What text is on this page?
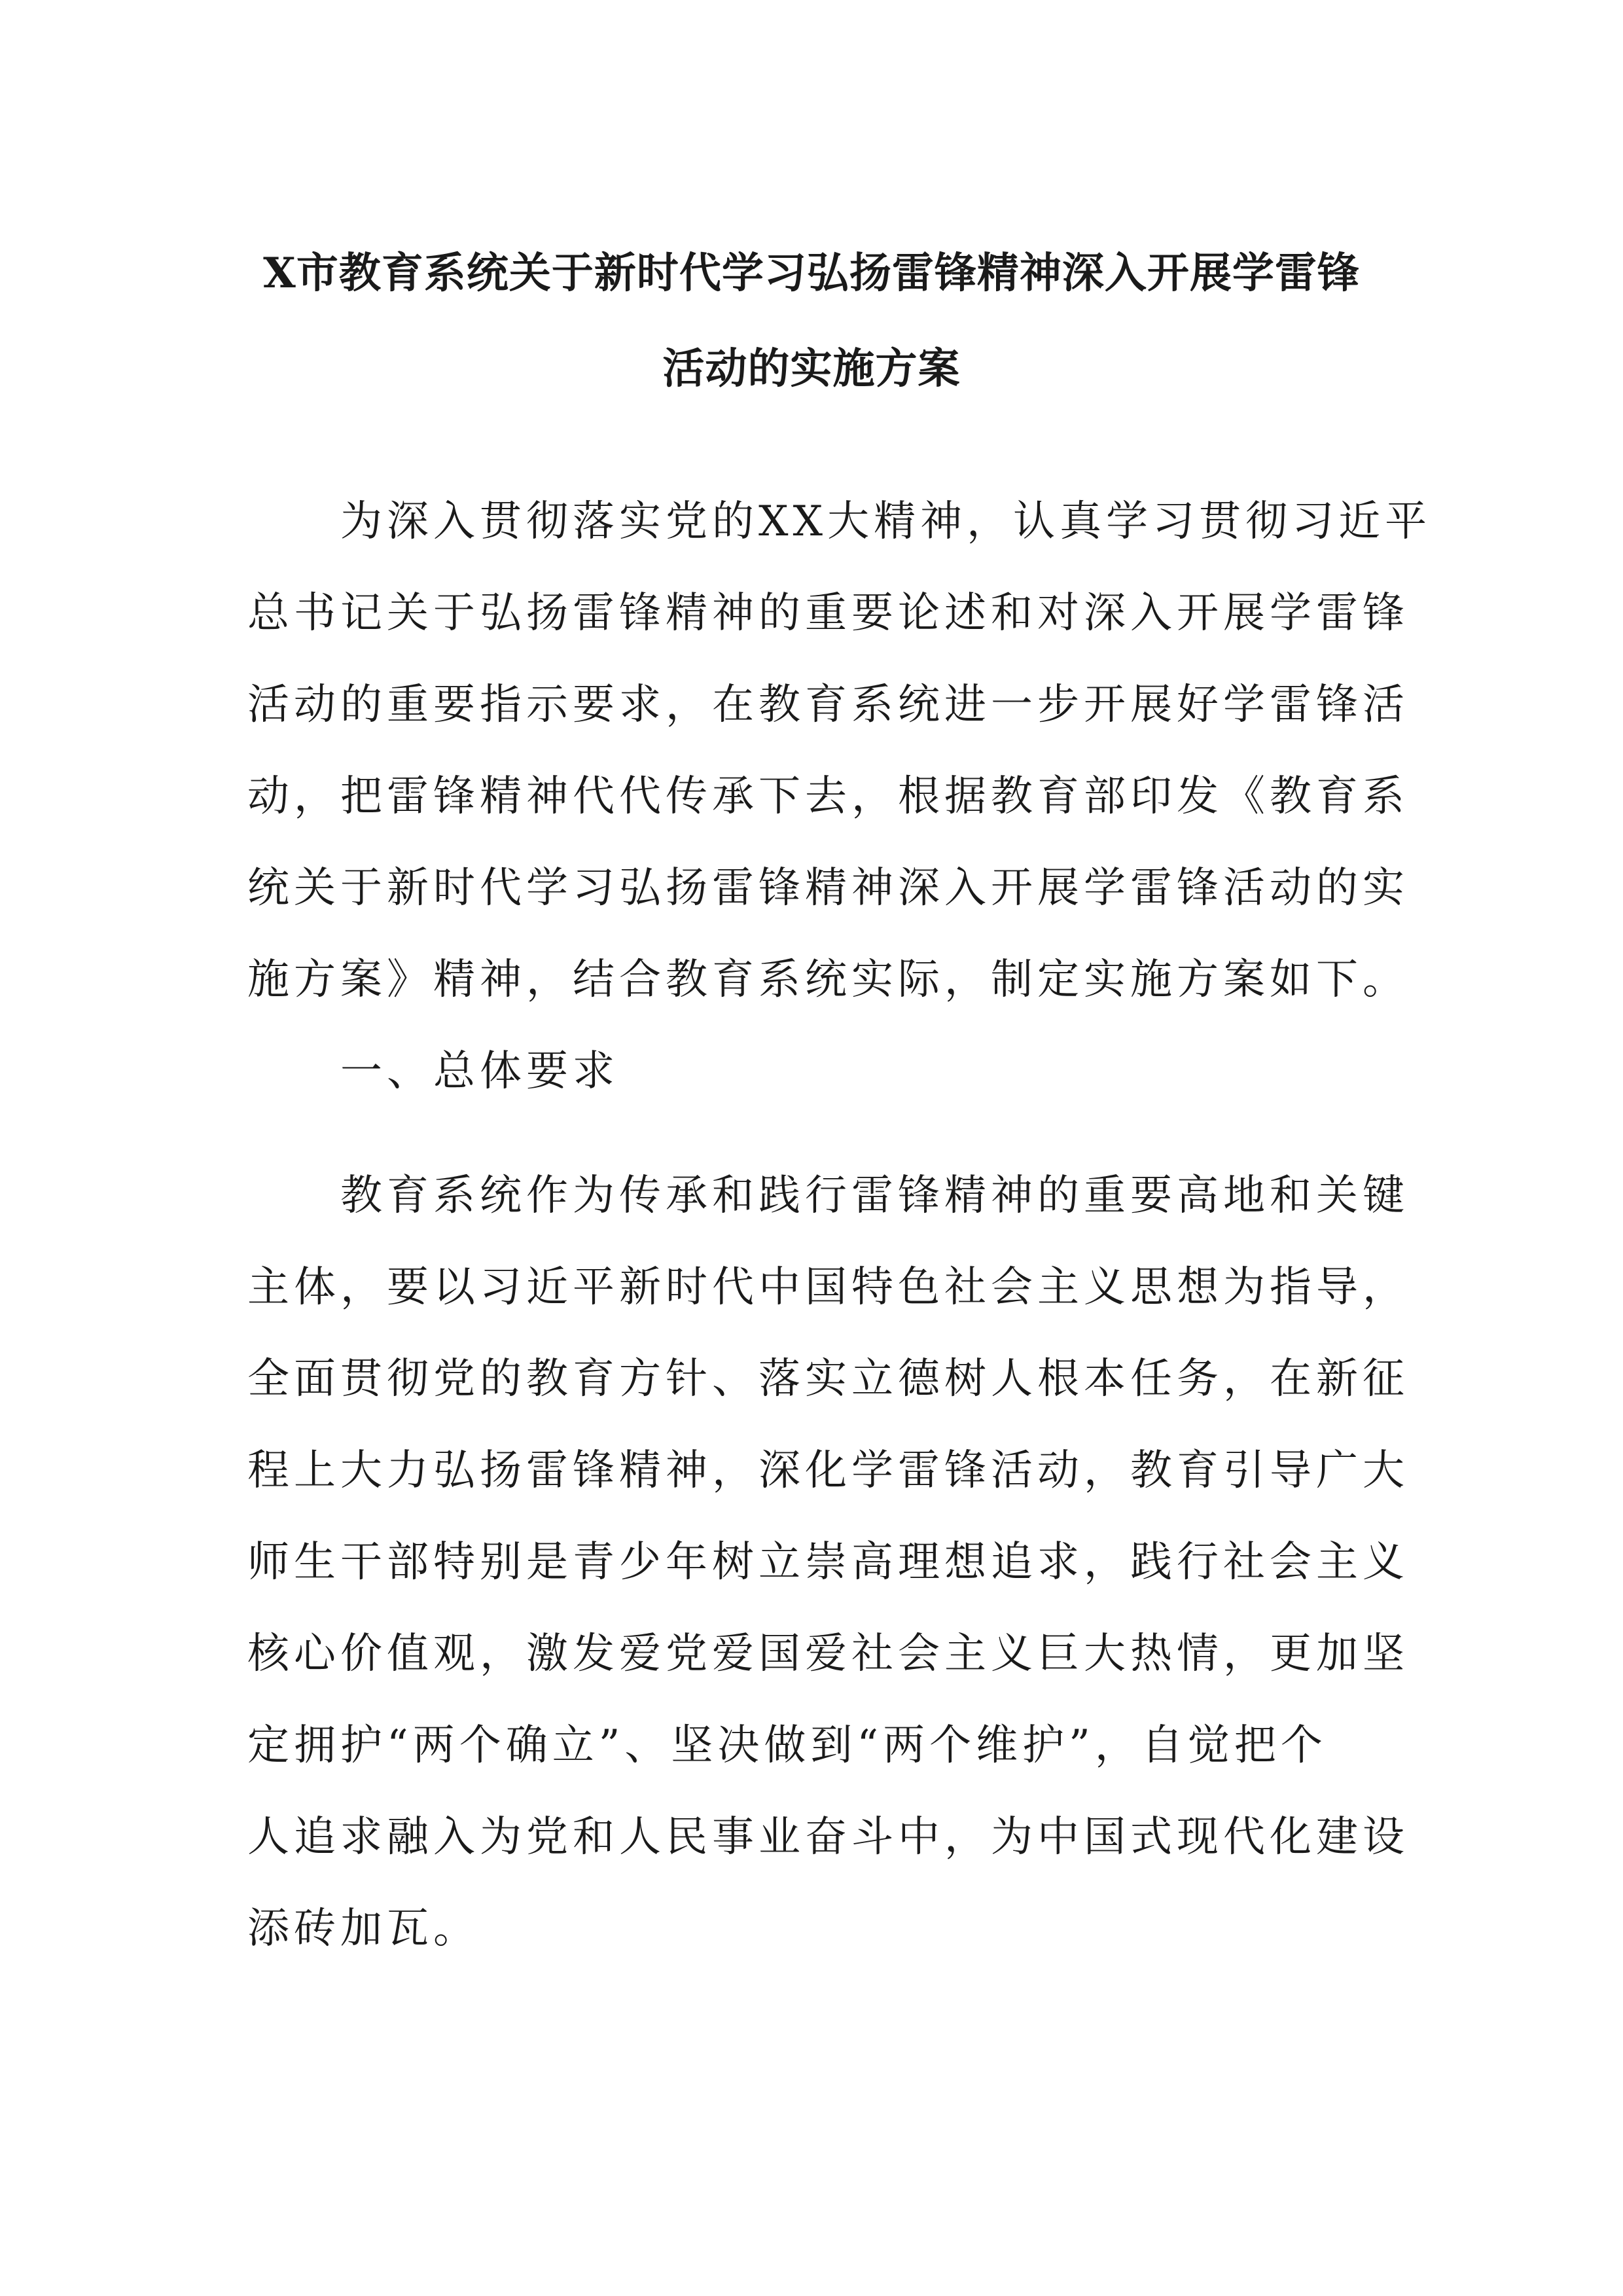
X市教育系统关于新时代学习弘扬雷锋精神深入开展学雷锋
活动的实施方案

为深入贯彻落实党的XX大精神，认真学习贯彻习近平
总书记关于弘扬雷锋精神的重要论述和对深入开展学雷锋
活动的重要指示要求，在教育系统进一步开展好学雷锋活
动，把雷锋精神代代传承下去，根据教育部印发《教育系
统关于新时代学习弘扬雷锋精神深入开展学雷锋活动的实
施方案》精神，结合教育系统实际，制定实施方案如下。

一、总体要求

教育系统作为传承和践行雷锋精神的重要高地和关键
主体，要以习近平新时代中国特色社会主义思想为指导，
全面贯彻党的教育方针、落实立德树人根本任务，在新征
程上大力弘扬雷锋精神，深化学雷锋活动，教育引导广大
师生干部特别是青少年树立崇高理想追求，践行社会主义
核心价值观，激发爱党爱国爱社会主义巨大热情，更加坚
定拥护“两个确立”、坚决做到“两个维护”，自觉把个
人追求融入为党和人民事业奋斗中，为中国式现代化建设
添砖加瓦。
